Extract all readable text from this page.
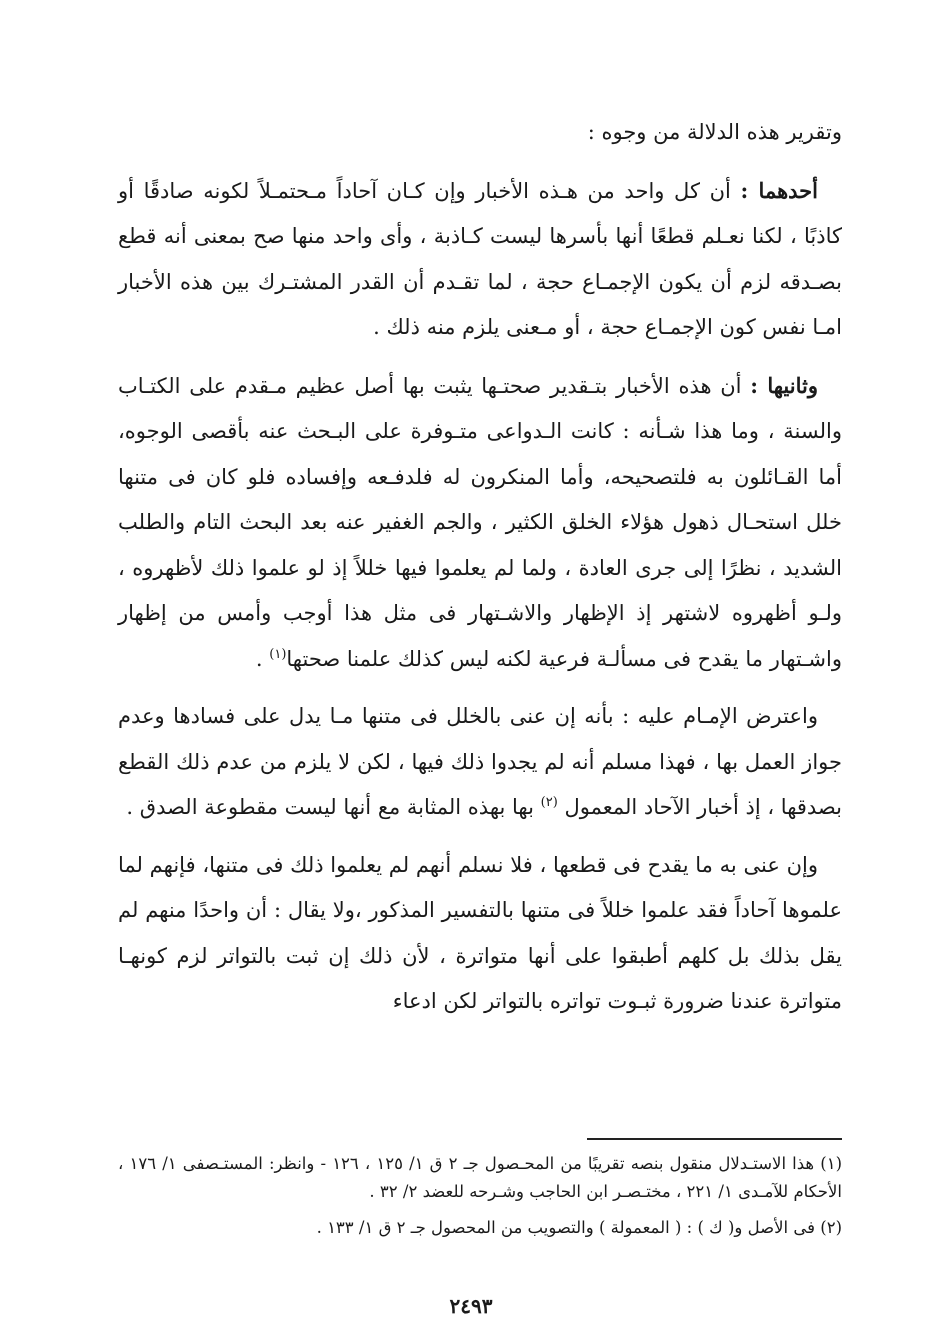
وتقرير هذه الدلالة من وجوه :

أحدهما : أن كل واحد من هـذه الأخبار وإن كـان آحاداً مـحتمـلاً لكونه صادقًا أو كاذبًا ، لكنا نعـلم قطعًا أنها بأسرها ليست كـاذبة ، وأى واحد منها صح بمعنى أنه قطع بصـدقه لزم أن يكون الإجمـاع حجة ، لما تقـدم أن القدر المشتـرك بين هذه الأخبار امـا نفس كون الإجمـاع حجة ، أو مـعنى يلزم منه ذلك .

وثانيها : أن هذه الأخبار بتـقدير صحتـها يثبت بها أصل عظيم مـقدم على الكتـاب والسنة ، وما هذا شـأنه : كانت الـدواعى متـوفرة على البـحث عنه بأقصى الوجوه، أما القـائلون به فلتصحيحه، وأما المنكرون له فلدفـعه وإفساده فلو كان فى متنها خلل استحـال ذهول هؤلاء الخلق الكثير ، والجم الغفير عنه بعد البحث التام والطلب الشديد ، نظرًا إلى جرى العادة ، ولما لم يعلموا فيها خللاً إذ لو علموا ذلك لأظهروه ، ولـو أظهروه لاشتهر إذ الإظهار والاشـتهار فى مثل هذا أوجب وأمس من إظهار واشـتهار ما يقدح فى مسألـة فرعية لكنه ليس كذلك علمنا صحتها$^{(١)}$ .

واعترض الإمـام عليه : بأنه إن عنى بالخلل فى متنها مـا يدل على فسادها وعدم جواز العمل بها ، فهذا مسلم أنه لم يجدوا ذلك فيها ، لكن لا يلزم من عدم ذلك القطع بصدقها ، إذ أخبار الآحاد المعمول $^{(٢)}$ بها بهذه المثابة مع أنها ليست مقطوعة الصدق .

وإن عنى به ما يقدح فى قطعها ، فلا نسلم أنهم لم يعلموا ذلك فى متنها، فإنهم لما علموها آحاداً فقد علموا خللاً فى متنها بالتفسير المذكور ،ولا يقال : أن واحدًا منهم لم يقل بذلك بل كلهم أطبقوا على أنها متواترة ، لأن ذلك إن ثبت بالتواتر لزم كونهـا متواترة عندنا ضرورة ثبـوت تواتره بالتواتر لكن ادعاء

(١) هذا الاستـدلال منقول بنصه تقريبًا من المحـصول جـ ٢ ق ١/ ١٢٥ ، ١٢٦ - وانظر: المستـصفى ١/ ١٧٦ ، الأحكام للآمـدى ١/ ٢٢١ ، مختـصـر ابن الحاجب وشـرحه للعضد ٢/ ٣٢ .

(٢) فى الأصل و( ك ) : ( المعمولة ) والتصويب من المحصول جـ ٢ ق ١/ ١٣٣ .

٢٤٩٣
